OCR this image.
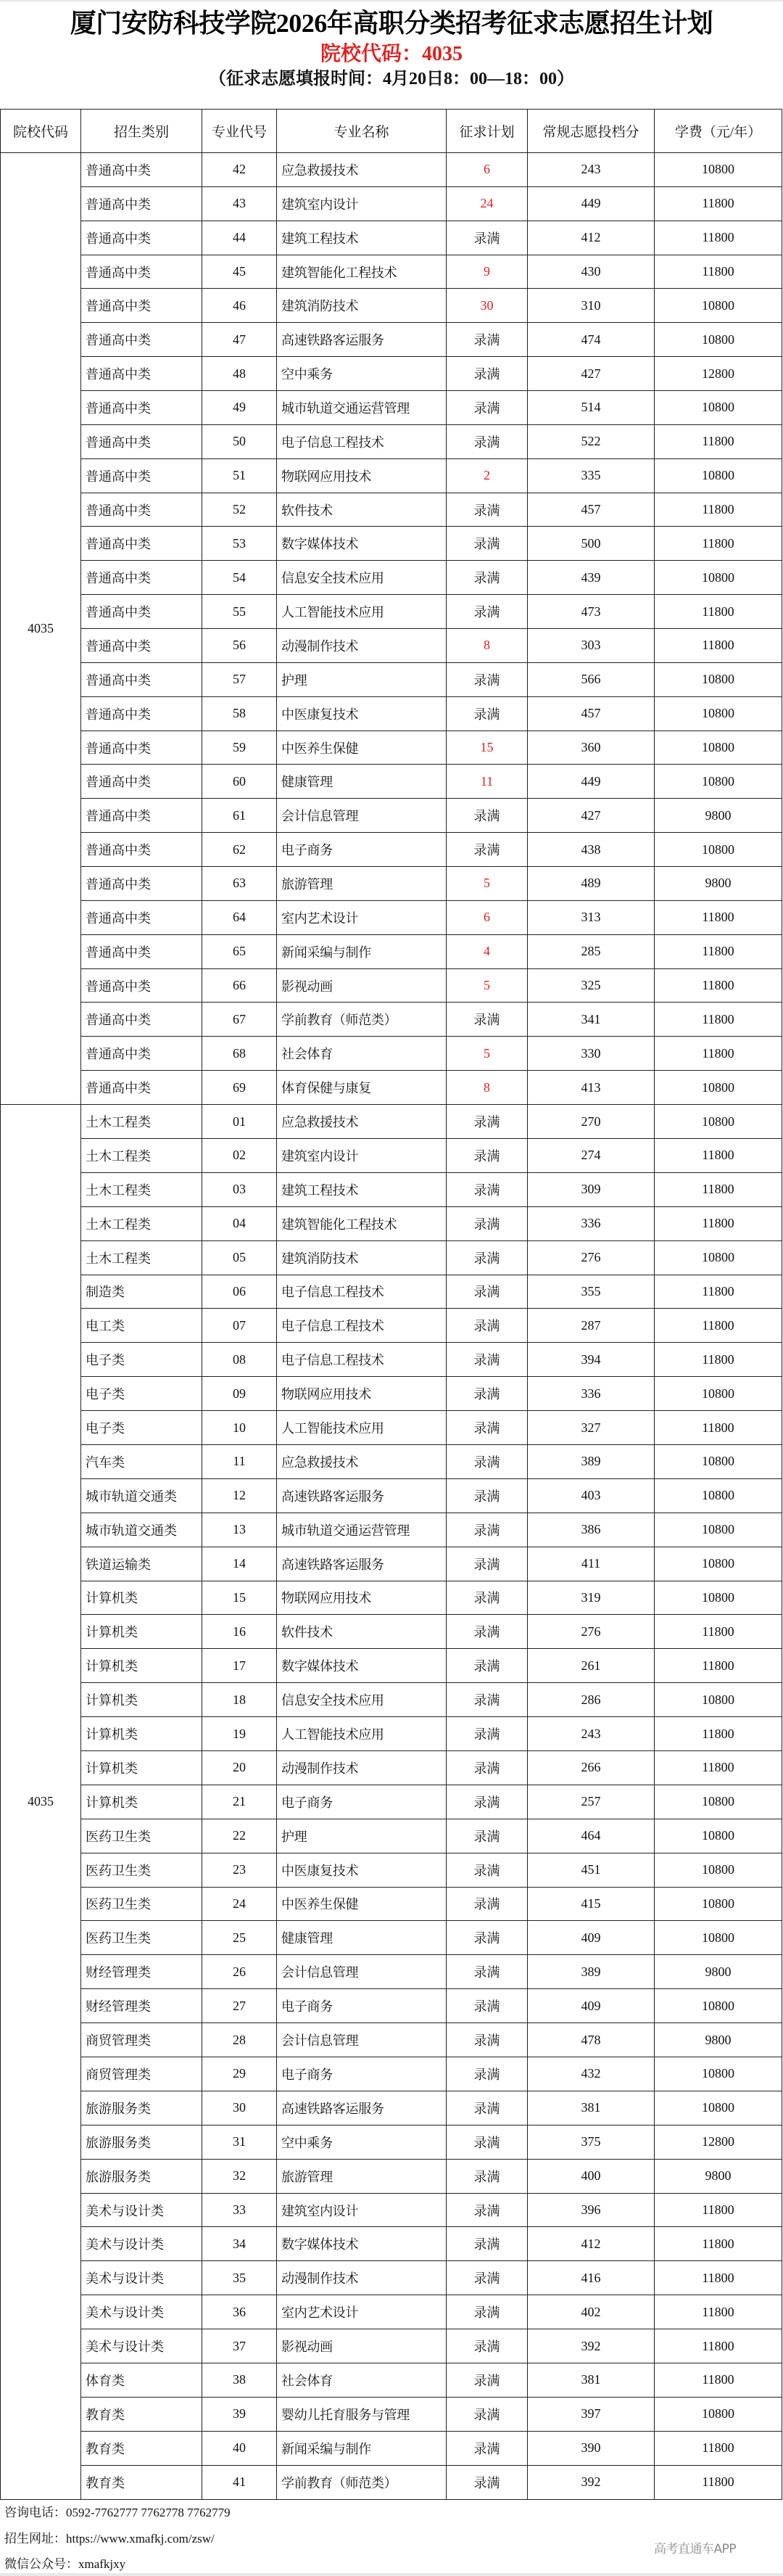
厦门安防科技学院2026年高职分类招考征求志愿招生计划
院校代码：4035
（征求志愿填报时间：4月20日8：00—18：00）
院校代码	招生类别	专业代号	专业名称	征求计划	常规志愿投档分	学费（元/年）
4035	普通高中类	42	应急救援技术	6	243	10800
	普通高中类	43	建筑室内设计	24	449	11800
	普通高中类	44	建筑工程技术	录满	412	11800
	普通高中类	45	建筑智能化工程技术	9	430	11800
	普通高中类	46	建筑消防技术	30	310	10800
	普通高中类	47	高速铁路客运服务	录满	474	10800
	普通高中类	48	空中乘务	录满	427	12800
	普通高中类	49	城市轨道交通运营管理	录满	514	10800
	普通高中类	50	电子信息工程技术	录满	522	11800
	普通高中类	51	物联网应用技术	2	335	10800
	普通高中类	52	软件技术	录满	457	11800
	普通高中类	53	数字媒体技术	录满	500	11800
	普通高中类	54	信息安全技术应用	录满	439	10800
	普通高中类	55	人工智能技术应用	录满	473	11800
	普通高中类	56	动漫制作技术	8	303	11800
	普通高中类	57	护理	录满	566	10800
	普通高中类	58	中医康复技术	录满	457	10800
	普通高中类	59	中医养生保健	15	360	10800
	普通高中类	60	健康管理	11	449	10800
	普通高中类	61	会计信息管理	录满	427	9800
	普通高中类	62	电子商务	录满	438	10800
	普通高中类	63	旅游管理	5	489	9800
	普通高中类	64	室内艺术设计	6	313	11800
	普通高中类	65	新闻采编与制作	4	285	11800
	普通高中类	66	影视动画	5	325	11800
	普通高中类	67	学前教育（师范类）	录满	341	11800
	普通高中类	68	社会体育	5	330	11800
	普通高中类	69	体育保健与康复	8	413	10800
4035	土木工程类	01	应急救援技术	录满	270	10800
	土木工程类	02	建筑室内设计	录满	274	11800
	土木工程类	03	建筑工程技术	录满	309	11800
	土木工程类	04	建筑智能化工程技术	录满	336	11800
	土木工程类	05	建筑消防技术	录满	276	10800
	制造类	06	电子信息工程技术	录满	355	11800
	电工类	07	电子信息工程技术	录满	287	11800
	电子类	08	电子信息工程技术	录满	394	11800
	电子类	09	物联网应用技术	录满	336	10800
	电子类	10	人工智能技术应用	录满	327	11800
	汽车类	11	应急救援技术	录满	389	10800
	城市轨道交通类	12	高速铁路客运服务	录满	403	10800
	城市轨道交通类	13	城市轨道交通运营管理	录满	386	10800
	铁道运输类	14	高速铁路客运服务	录满	411	10800
	计算机类	15	物联网应用技术	录满	319	10800
	计算机类	16	软件技术	录满	276	11800
	计算机类	17	数字媒体技术	录满	261	11800
	计算机类	18	信息安全技术应用	录满	286	10800
	计算机类	19	人工智能技术应用	录满	243	11800
	计算机类	20	动漫制作技术	录满	266	11800
	计算机类	21	电子商务	录满	257	10800
	医药卫生类	22	护理	录满	464	10800
	医药卫生类	23	中医康复技术	录满	451	10800
	医药卫生类	24	中医养生保健	录满	415	10800
	医药卫生类	25	健康管理	录满	409	10800
	财经管理类	26	会计信息管理	录满	389	9800
	财经管理类	27	电子商务	录满	409	10800
	商贸管理类	28	会计信息管理	录满	478	9800
	商贸管理类	29	电子商务	录满	432	10800
	旅游服务类	30	高速铁路客运服务	录满	381	10800
	旅游服务类	31	空中乘务	录满	375	12800
	旅游服务类	32	旅游管理	录满	400	9800
	美术与设计类	33	建筑室内设计	录满	396	11800
	美术与设计类	34	数字媒体技术	录满	412	11800
	美术与设计类	35	动漫制作技术	录满	416	11800
	美术与设计类	36	室内艺术设计	录满	402	11800
	美术与设计类	37	影视动画	录满	392	11800
	体育类	38	社会体育	录满	381	11800
	教育类	39	婴幼儿托育服务与管理	录满	397	10800
	教育类	40	新闻采编与制作	录满	390	11800
	教育类	41	学前教育（师范类）	录满	392	11800
咨询电话：0592-7762777 7762778 7762779
招生网址：https://www.xmafkj.com/zsw/
微信公众号：xmafkjxy
高考直通车APP
